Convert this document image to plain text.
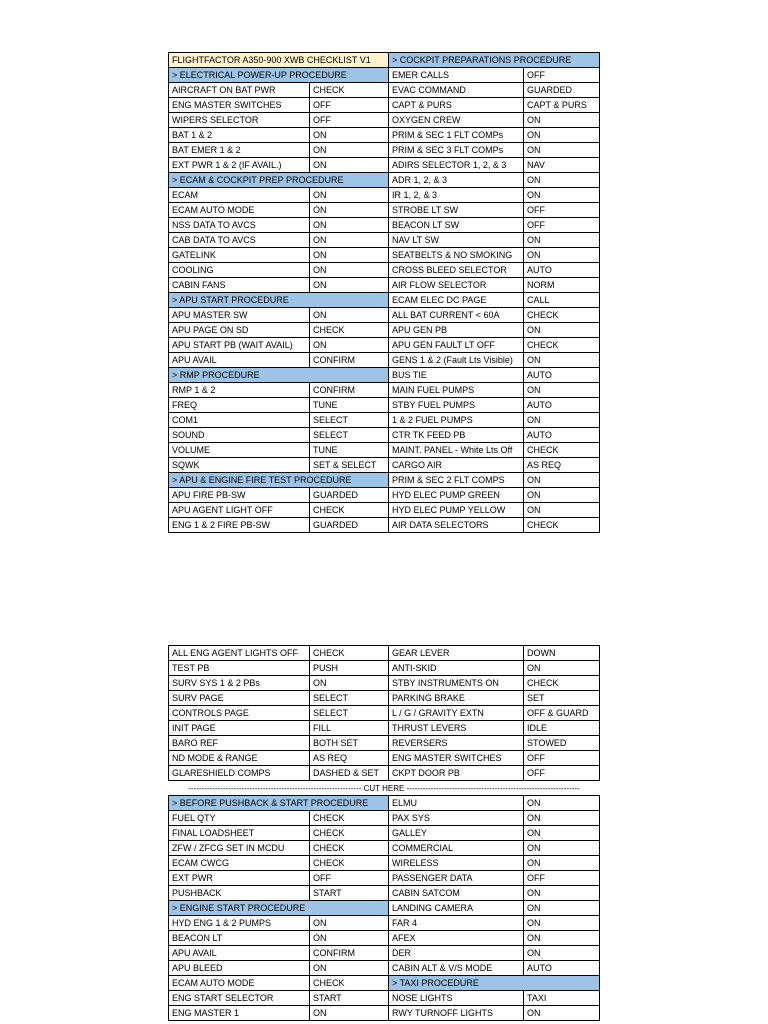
FLIGHTFACTOR A350-900 XWB CHECKLIST V1		> COCKPIT PREPARATIONS PROCEDURE	
> ELECTRICAL POWER-UP PROCEDURE		EMER CALLS	OFF
AIRCRAFT ON BAT PWR	CHECK	EVAC COMMAND	GUARDED
ENG MASTER SWITCHES	OFF	CAPT & PURS	CAPT & PURS
WIPERS SELECTOR	OFF	OXYGEN CREW	ON
BAT 1 & 2	ON	PRIM & SEC 1 FLT COMPs	ON
BAT EMER 1 & 2	ON	PRIM & SEC 3 FLT COMPs	ON
EXT PWR 1 & 2 (IF AVAIL.)	ON	ADIRS SELECTOR 1, 2, & 3	NAV
> ECAM & COCKPIT PREP PROCEDURE		ADR 1, 2, & 3	ON
ECAM	ON	IR 1, 2, & 3	ON
ECAM AUTO MODE	ON	STROBE LT SW	OFF
NSS DATA TO AVCS	ON	BEACON LT SW	OFF
CAB DATA TO AVCS	ON	NAV LT SW	ON
GATELINK	ON	SEATBELTS & NO SMOKING	ON
COOLING	ON	CROSS BLEED SELECTOR	AUTO
CABIN FANS	ON	AIR FLOW SELECTOR	NORM
> APU START PROCEDURE		ECAM ELEC DC PAGE	CALL
APU MASTER SW	ON	ALL BAT CURRENT < 60A	CHECK
APU PAGE ON SD	CHECK	APU GEN PB	ON
APU START PB (WAIT AVAIL)	ON	APU GEN FAULT LT OFF	CHECK
APU AVAIL	CONFIRM	GENS 1 & 2 (Fault Lts Visible)	ON
> RMP PROCEDURE		BUS TIE	AUTO
RMP 1 & 2	CONFIRM	MAIN FUEL PUMPS	ON
FREQ	TUNE	STBY FUEL PUMPS	AUTO
COM1	SELECT	1 & 2 FUEL PUMPS	ON
SOUND	SELECT	CTR TK FEED PB	AUTO
VOLUME	TUNE	MAINT. PANEL - White Lts Off	CHECK
SQWK	SET & SELECT	CARGO AIR	AS REQ
> APU & ENGINE FIRE TEST PROCEDURE		PRIM & SEC 2 FLT COMPS	ON
APU FIRE PB-SW	GUARDED	HYD ELEC PUMP GREEN	ON
APU AGENT LIGHT OFF	CHECK	HYD ELEC PUMP YELLOW	ON
ENG 1 & 2 FIRE PB-SW	GUARDED	AIR DATA SELECTORS	CHECK
ALL ENG AGENT LIGHTS OFF	CHECK	GEAR LEVER	DOWN
TEST PB	PUSH	ANTI-SKID	ON
SURV SYS 1 & 2 PBs	ON	STBY INSTRUMENTS ON	CHECK
SURV PAGE	SELECT	PARKING BRAKE	SET
CONTROLS PAGE	SELECT	L / G / GRAVITY EXTN	OFF & GUARD
INIT PAGE	FILL	THRUST LEVERS	IDLE
BARO REF	BOTH SET	REVERSERS	STOWED
ND MODE & RANGE	AS REQ	ENG MASTER SWITCHES	OFF
GLARESHIELD COMPS	DASHED & SET	CKPT DOOR PB	OFF
----------------------------------------------------------------- CUT HERE -----------------------------------------------------------------			
> BEFORE PUSHBACK & START PROCEDURE		ELMU	ON
FUEL QTY	CHECK	PAX SYS	ON
FINAL LOADSHEET	CHECK	GALLEY	ON
ZFW / ZFCG SET IN MCDU	CHECK	COMMERCIAL	ON
ECAM CWCG	CHECK	WIRELESS	ON
EXT PWR	OFF	PASSENGER DATA	OFF
PUSHBACK	START	CABIN SATCOM	ON
> ENGINE START PROCEDURE		LANDING CAMERA	ON
HYD ENG 1 & 2 PUMPS	ON	FAR 4	ON
BEACON LT	ON	AFEX	ON
APU AVAIL	CONFIRM	DER	ON
APU BLEED	ON	CABIN ALT & V/S MODE	AUTO
ECAM AUTO MODE	CHECK	> TAXI PROCEDURE	
ENG START SELECTOR	START	NOSE LIGHTS	TAXI
ENG MASTER 1	ON	RWY TURNOFF LIGHTS	ON
